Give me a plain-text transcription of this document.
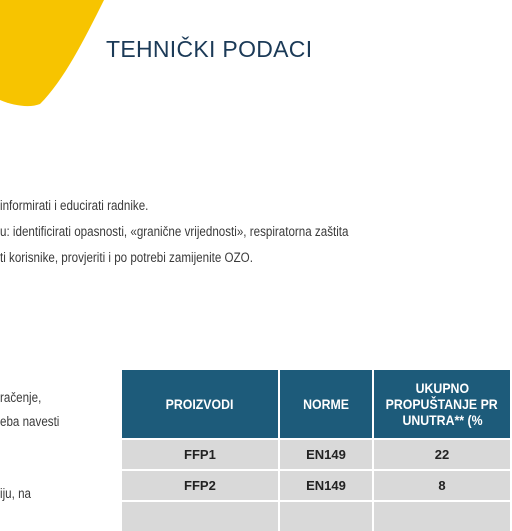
TEHNIČKI PODACI
informirati i educirati radnike.
u: identificirati opasnosti, «granične vrijednosti», respiratorna zaštita
ti korisnike, provjeriti i po potrebi zamijenite OZO.
račenje,
eba navesti
iju, na
PROIZVODI	NORME	UKUPNO
PROPUŠTANJE PR
UNUTRA** (%
FFP1	EN149	22
FFP2	EN149	8
